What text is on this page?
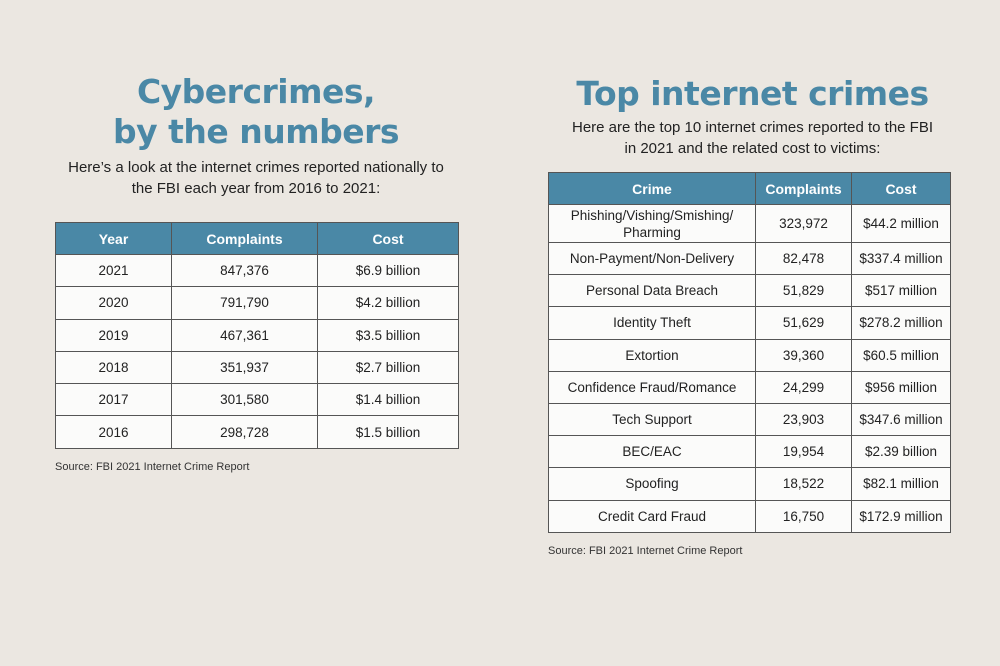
Cybercrimes,
by the numbers

Here’s a look at the internet crimes reported nationally to
the FBI each year from 2016 to 2021:

Year	Complaints	Cost
2021	847,376	$6.9 billion
2020	791,790	$4.2 billion
2019	467,361	$3.5 billion
2018	351,937	$2.7 billion
2017	301,580	$1.4 billion
2016	298,728	$1.5 billion

Source: FBI 2021 Internet Crime Report

Top internet crimes

Here are the top 10 internet crimes reported to the FBI
in 2021 and the related cost to victims:

Crime	Complaints	Cost
Phishing/Vishing/Smishing/
Pharming	323,972	$44.2 million
Non-Payment/Non-Delivery	82,478	$337.4 million
Personal Data Breach	51,829	$517 million
Identity Theft	51,629	$278.2 million
Extortion	39,360	$60.5 million
Confidence Fraud/Romance	24,299	$956 million
Tech Support	23,903	$347.6 million
BEC/EAC	19,954	$2.39 billion
Spoofing	18,522	$82.1 million
Credit Card Fraud	16,750	$172.9 million

Source: FBI 2021 Internet Crime Report
